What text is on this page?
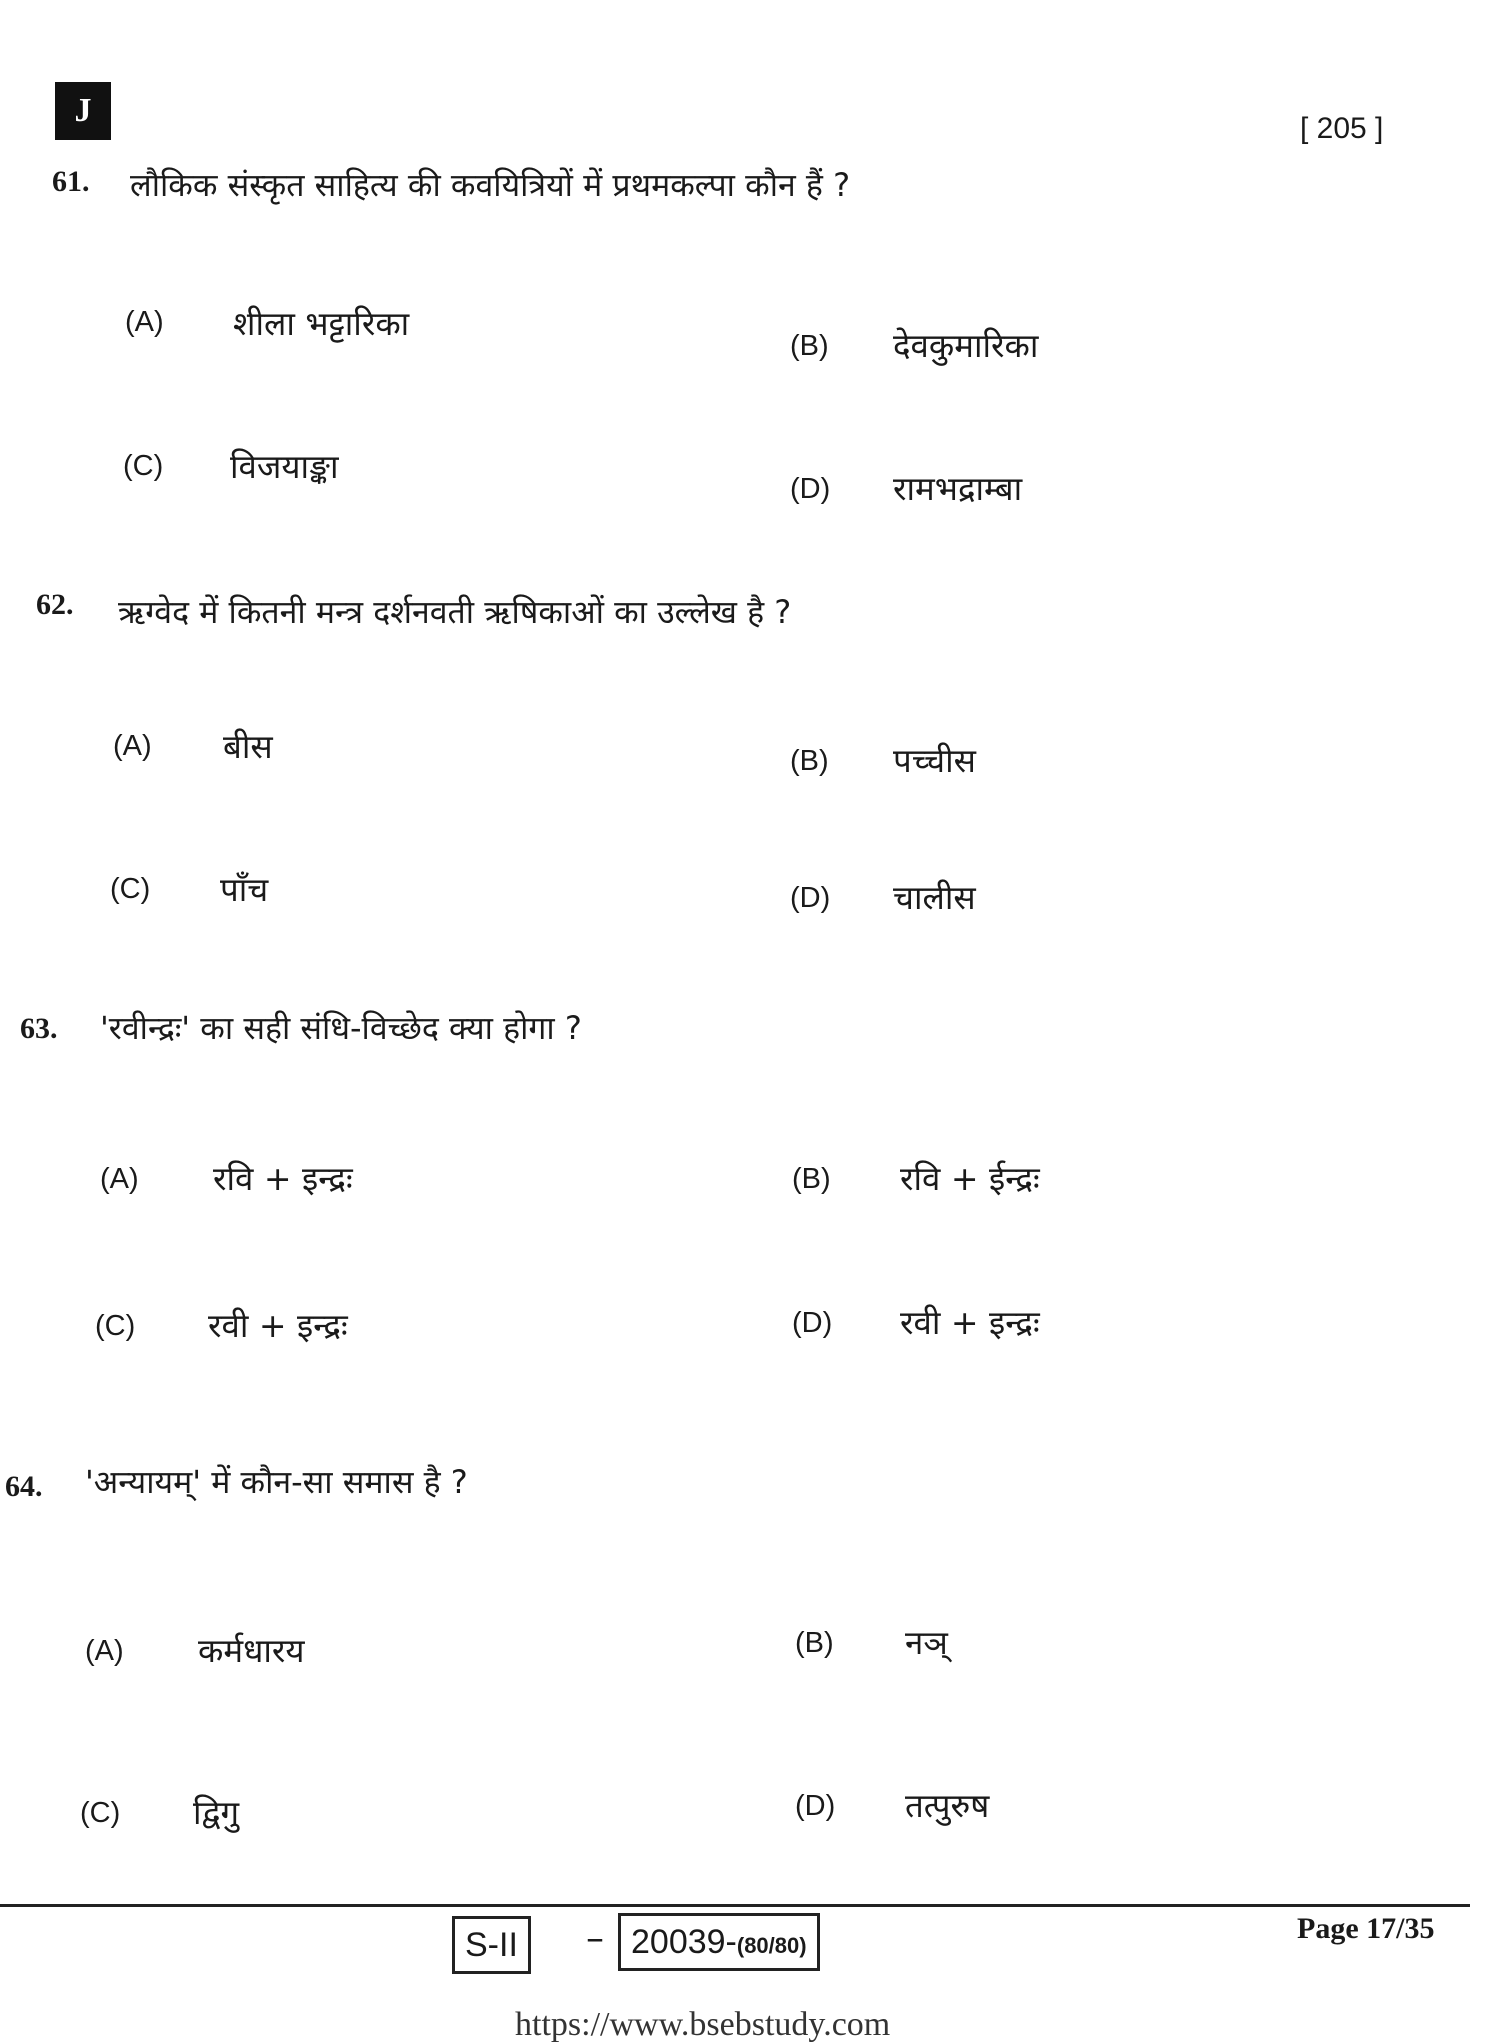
J	[ 205 ]
61. लौकिक संस्कृत साहित्य की कवयित्रियों में प्रथमकल्पा कौन हैं ?
(A) शीला भट्टारिका
(B) देवकुमारिका
(C) विजयाङ्का
(D) रामभद्राम्बा
62. ऋग्वेद में कितनी मन्त्र दर्शनवती ऋषिकाओं का उल्लेख है ?
(A) बीस	(B) पच्चीस
(C) पाँच	(D) चालीस
63. 'रवीन्द्रः' का सही संधि-विच्छेद क्या होगा ?
(A) रवि + इन्द्रः	(B) रवि + ईन्द्रः
(C) रवी + इन्द्रः	(D) रवी + इन्द्रः
64. 'अन्यायम्' में कौन-सा समास है ?
(A) कर्मधारय	(B) नञ्
(C) द्विगु	(D) तत्पुरुष
S-II	– 20039-(80/80)
Page 17/35
https://www.bsebstudy.com
